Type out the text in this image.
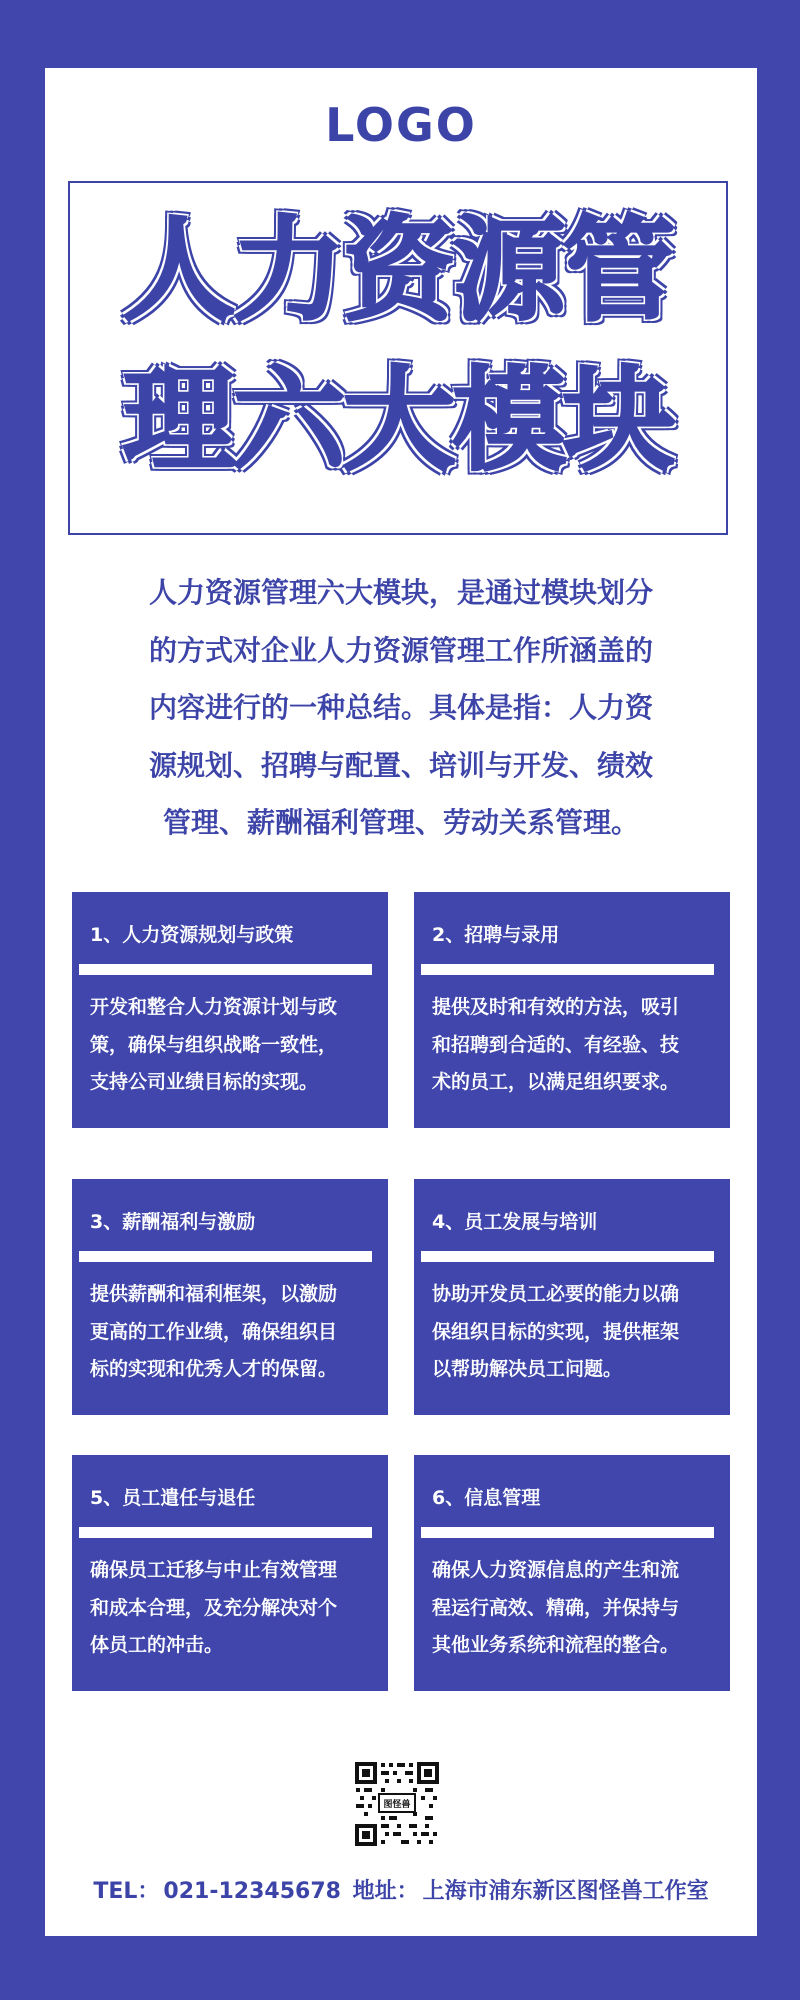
LOGO
人力资源管
理六大模块
人力资源管理六大模块，是通过模块划分
的方式对企业人力资源管理工作所涵盖的
内容进行的一种总结。具体是指：人力资
源规划、招聘与配置、培训与开发、绩效
管理、薪酬福利管理、劳动关系管理。
1、人力资源规划与政策
开发和整合人力资源计划与政
策，确保与组织战略一致性，
支持公司业绩目标的实现。
2、招聘与录用
提供及时和有效的方法，吸引
和招聘到合适的、有经验、技
术的员工，以满足组织要求。
3、薪酬福利与激励
提供薪酬和福利框架，以激励
更高的工作业绩，确保组织目
标的实现和优秀人才的保留。
4、员工发展与培训
协助开发员工必要的能力以确
保组织目标的实现，提供框架
以帮助解决员工问题。
5、员工遣任与退任
确保员工迁移与中止有效管理
和成本合理，及充分解决对个
体员工的冲击。
6、信息管理
确保人力资源信息的产生和流
程运行高效、精确，并保持与
其他业务系统和流程的整合。
图怪兽
TEL： 021-12345678 地址： 上海市浦东新区图怪兽工作室
